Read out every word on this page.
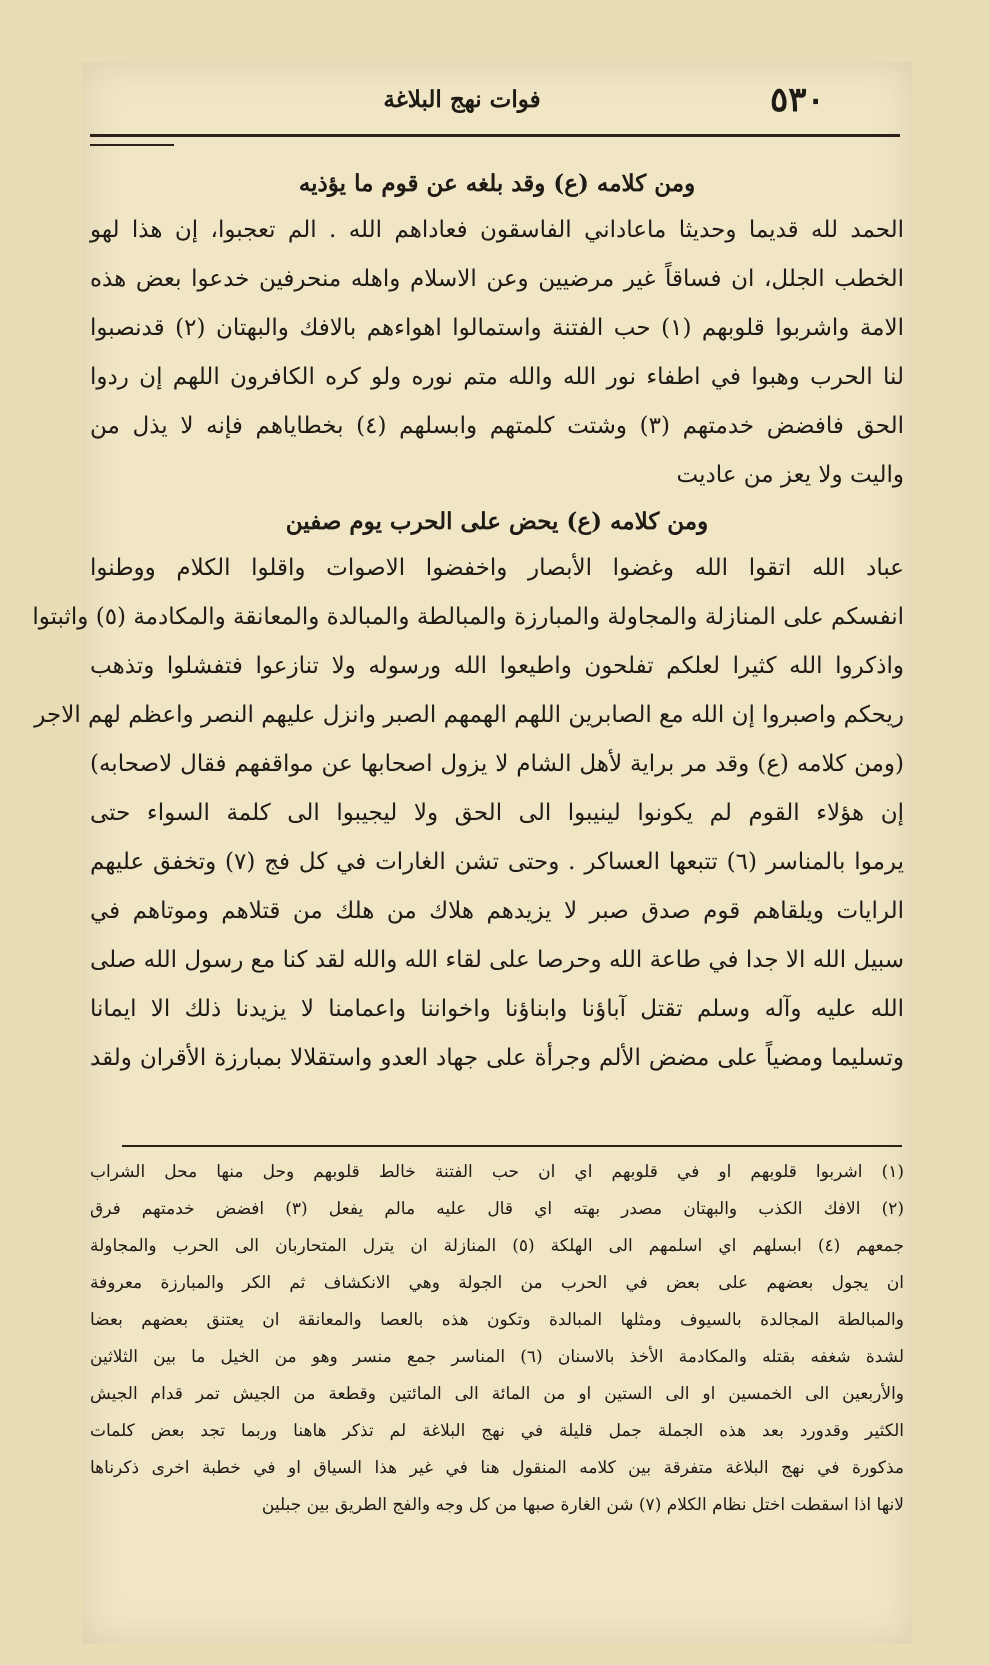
٥٣٠
فوات نهج البلاغة
ومن كلامه (ع) وقد بلغه عن قوم ما يؤذيه
الحمد لله قديما وحديثا ماعاداني الفاسقون فعاداهم الله . الم تعجبوا، إن هذا لهو
الخطب الجلل، ان فساقاً غير مرضيين وعن الاسلام واهله منحرفين خدعوا بعض هذه
الامة واشربوا قلوبهم (١) حب الفتنة واستمالوا اهواءهم بالافك والبهتان (٢) قدنصبوا
لنا الحرب وهبوا في اطفاء نور الله والله متم نوره ولو كره الكافرون اللهم إن ردوا
الحق فافضض خدمتهم (٣) وشتت كلمتهم وابسلهم (٤) بخطاياهم فإنه لا يذل من
واليت ولا يعز من عاديت
ومن كلامه (ع) يحض على الحرب يوم صفين
عباد الله اتقوا الله وغضوا الأبصار واخفضوا الاصوات واقلوا الكلام ووطنوا
انفسكم على المنازلة والمجاولة والمبارزة والمبالطة والمبالدة والمعانقة والمكادمة (٥) واثبتوا
واذكروا الله كثيرا لعلكم تفلحون واطيعوا الله ورسوله ولا تنازعوا فتفشلوا وتذهب
ريحكم واصبروا إن الله مع الصابرين اللهم الهمهم الصبر وانزل عليهم النصر واعظم لهم الاجر
(ومن كلامه (ع) وقد مر براية لأهل الشام لا يزول اصحابها عن مواقفهم فقال لاصحابه)
إن هؤلاء القوم لم يكونوا لينيبوا الى الحق ولا ليجيبوا الى كلمة السواء حتى
يرموا بالمناسر (٦) تتبعها العساكر . وحتى تشن الغارات في كل فج (٧) وتخفق عليهم
الرايات ويلقاهم قوم صدق صبر لا يزيدهم هلاك من هلك من قتلاهم وموتاهم في
سبيل الله الا جدا في طاعة الله وحرصا على لقاء الله والله لقد كنا مع رسول الله صلى
الله عليه وآله وسلم تقتل آباؤنا وابناؤنا واخواننا واعمامنا لا يزيدنا ذلك الا ايمانا
وتسليما ومضياً على مضض الألم وجرأة على جهاد العدو واستقلالا بمبارزة الأقران ولقد
(١) اشربوا قلوبهم او في قلوبهم اي ان حب الفتنة خالط قلوبهم وحل منها محل الشراب
(٢) الافك الكذب والبهتان مصدر بهته اي قال عليه مالم يفعل (٣) افضض خدمتهم فرق
جمعهم (٤) ابسلهم اي اسلمهم الى الهلكة (٥) المنازلة ان يترل المتحاربان الى الحرب والمجاولة
ان يجول بعضهم على بعض في الحرب من الجولة وهي الانكشاف ثم الكر والمبارزة معروفة
والمبالطة المجالدة بالسيوف ومثلها المبالدة وتكون هذه بالعصا والمعانقة ان يعتنق بعضهم بعضا
لشدة شغفه بقتله والمكادمة الأخذ بالاسنان (٦) المناسر جمع منسر وهو من الخيل ما بين الثلاثين
والأربعين الى الخمسين او الى الستين او من المائة الى المائتين وقطعة من الجيش تمر قدام الجيش
الكثير وقدورد بعد هذه الجملة جمل قليلة في نهج البلاغة لم تذكر هاهنا وربما تجد بعض كلمات
مذكورة في نهج البلاغة متفرقة بين كلامه المنقول هنا في غير هذا السياق او في خطبة اخرى ذكرناها
لانها اذا اسقطت اختل نظام الكلام (٧) شن الغارة صبها من كل وجه والفج الطريق بين جبلين
